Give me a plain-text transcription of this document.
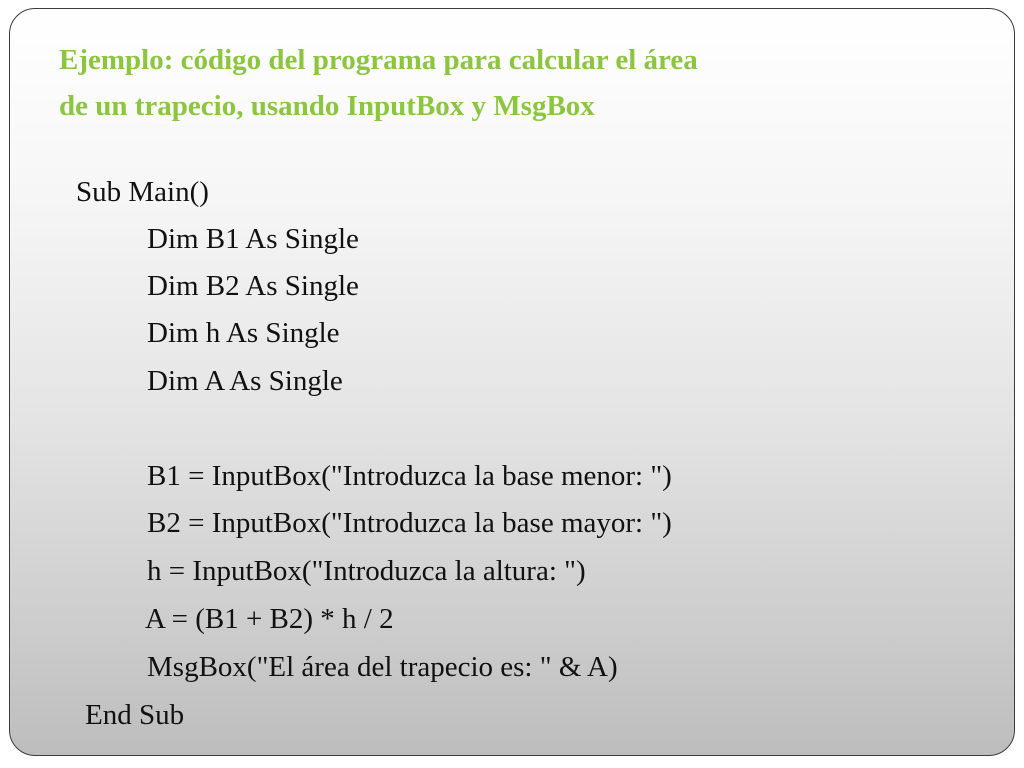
Ejemplo: código del programa para calcular el área
de un trapecio, usando InputBox y MsgBox
Sub Main()
Dim B1 As Single
Dim B2 As Single
Dim h As Single
Dim A As Single
B1 = InputBox("Introduzca la base menor: ")
B2 = InputBox("Introduzca la base mayor: ")
h = InputBox("Introduzca la altura: ")
A = (B1 + B2) * h / 2
MsgBox("El área del trapecio es: " & A)
End Sub
